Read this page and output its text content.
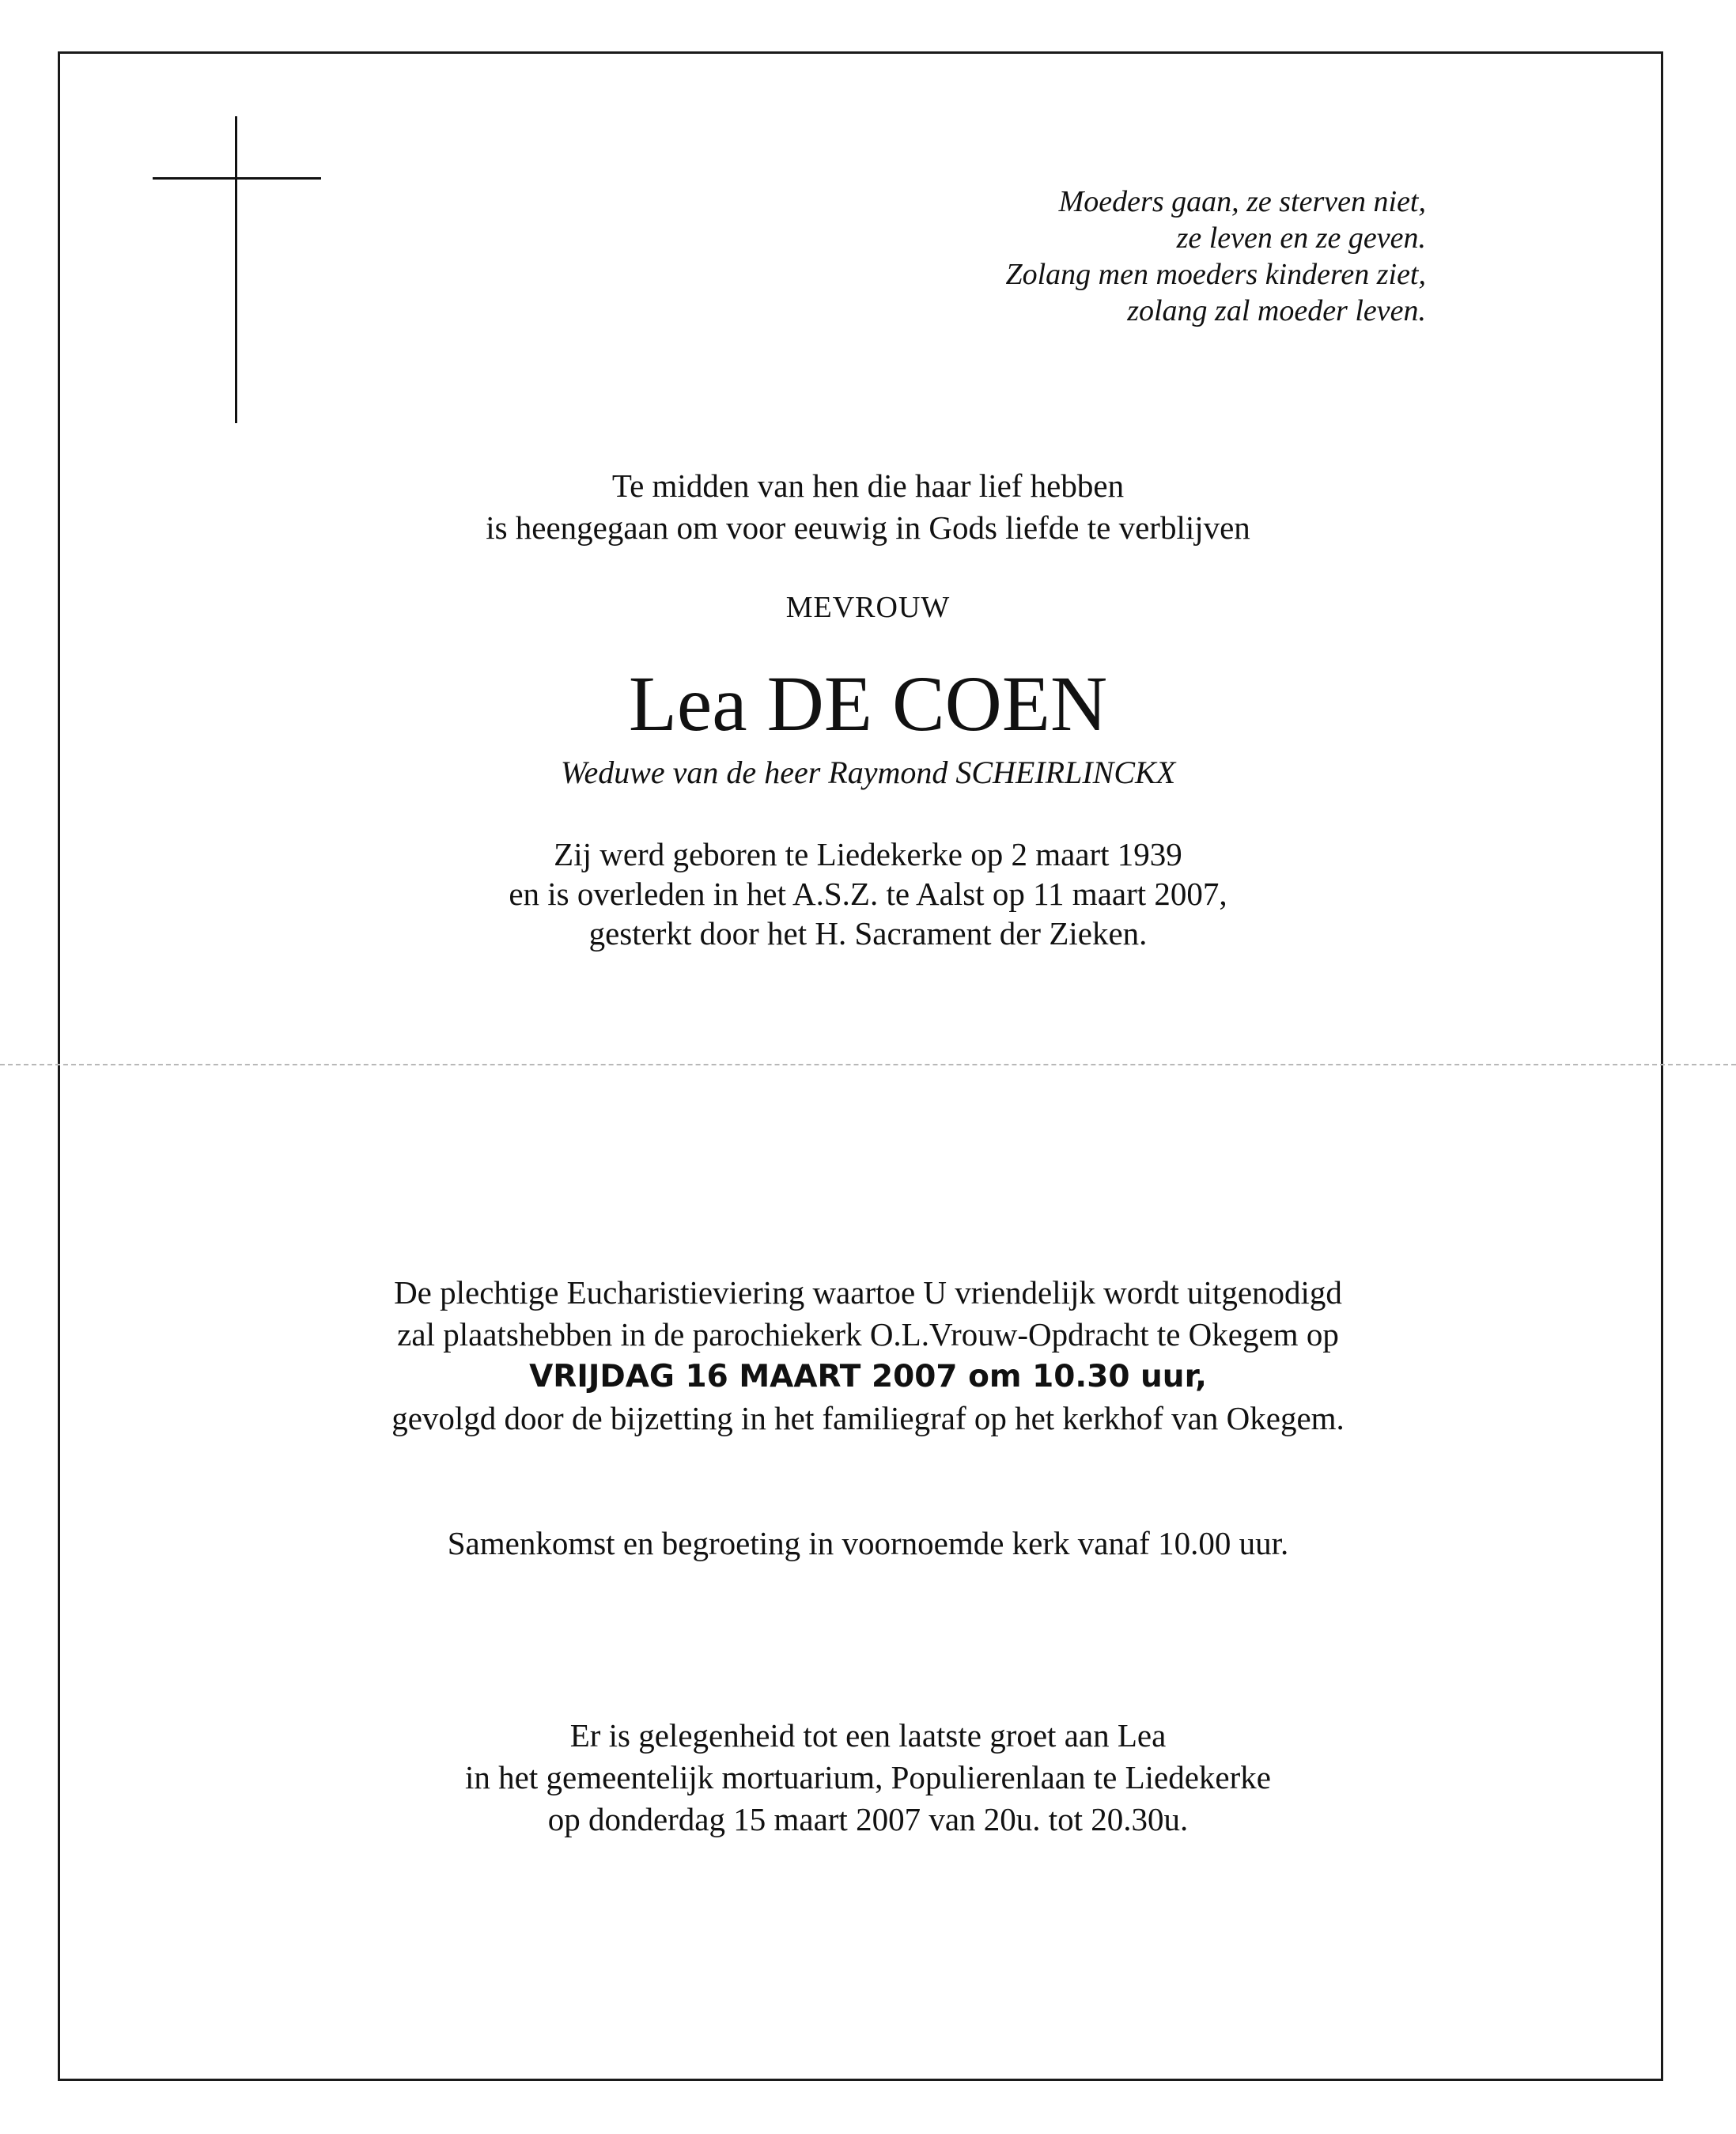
Moeders gaan, ze sterven niet,
ze leven en ze geven.
Zolang men moeders kinderen ziet,
zolang zal moeder leven.
Te midden van hen die haar lief hebben
is heengegaan om voor eeuwig in Gods liefde te verblijven
MEVROUW
Lea DE COEN
Weduwe van de heer Raymond SCHEIRLINCKX
Zij werd geboren te Liedekerke op 2 maart 1939
en is overleden in het A.S.Z. te Aalst op 11 maart 2007,
gesterkt door het H. Sacrament der Zieken.
De plechtige Eucharistieviering waartoe U vriendelijk wordt uitgenodigd
zal plaatshebben in de parochiekerk O.L.Vrouw-Opdracht te Okegem op
VRIJDAG 16 MAART 2007 om 10.30 uur,
gevolgd door de bijzetting in het familiegraf op het kerkhof van Okegem.
Samenkomst en begroeting in voornoemde kerk vanaf 10.00 uur.
Er is gelegenheid tot een laatste groet aan Lea
in het gemeentelijk mortuarium, Populierenlaan te Liedekerke
op donderdag 15 maart 2007 van 20u. tot 20.30u.
